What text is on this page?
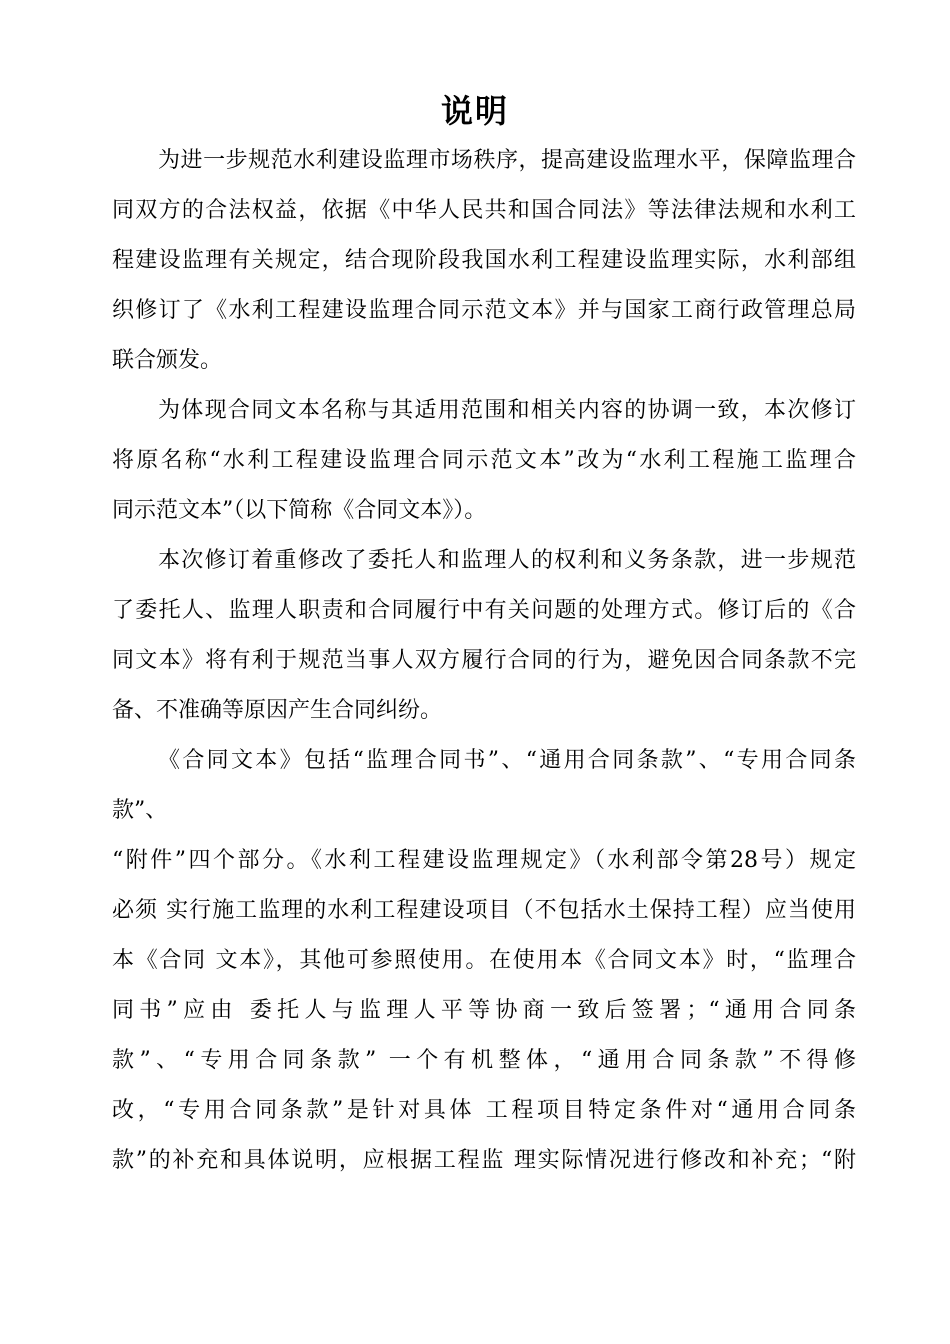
说明
为进一步规范水利建设监理市场秩序，提高建设监理水平，保障监理合
同双方的合法权益，依据《中华人民共和国合同法》等法律法规和水利工
程建设监理有关规定，结合现阶段我国水利工程建设监理实际，水利部组
织修订了《水利工程建设监理合同示范文本》并与国家工商行政管理总局
联合颁发。
为体现合同文本名称与其适用范围和相关内容的协调一致，本次修订
将原名称“水利工程建设监理合同示范文本”改为“水利工程施工监理合
同示范文本”（以下简称《合同文本》）。
本次修订着重修改了委托人和监理人的权利和义务条款，进一步规范
了委托人、监理人职责和合同履行中有关问题的处理方式。修订后的《合
同文本》将有利于规范当事人双方履行合同的行为，避免因合同条款不完
备、不准确等原因产生合同纠纷。
《合同文本》包括“监理合同书”、“通用合同条款”、“专用合同条
款”、
“附件”四个部分。《水利工程建设监理规定》（水利部令第28号）规定
必须 实行施工监理的水利工程建设项目（不包括水土保持工程）应当使用
本《合同 文本》，其他可参照使用。在使用本《合同文本》时，“监理合
同书”应由 委托人与监理人平等协商一致后签署；“通用合同条
款”、“专用合同条款” 一个有机整体，“通用合同条款”不得修
改，“专用合同条款”是针对具体 工程项目特定条件对“通用合同条
款”的补充和具体说明，应根据工程监 理实际情况进行修改和补充；“附
